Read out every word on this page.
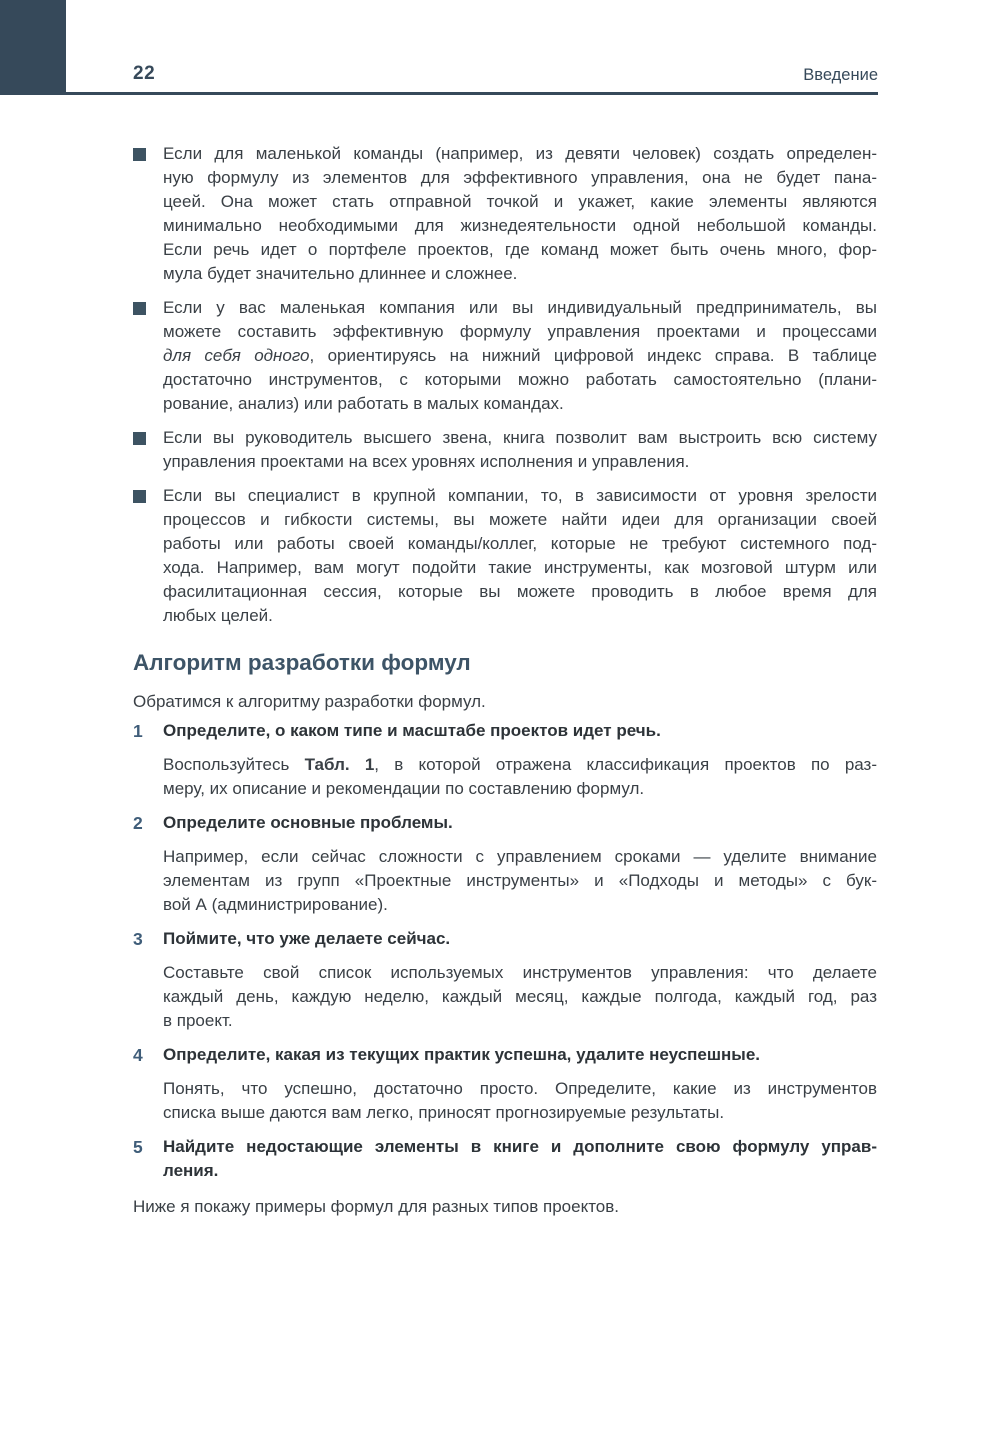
22	Введение
Если для маленькой команды (например, из девяти человек) создать определен-
ную формулу из элементов для эффективного управления, она не будет пана-
цеей. Она может стать отправной точкой и укажет, какие элементы являются
минимально необходимыми для жизнедеятельности одной небольшой команды.
Если речь идет о портфеле проектов, где команд может быть очень много, фор-
мула будет значительно длиннее и сложнее.
Если у вас маленькая компания или вы индивидуальный предприниматель, вы
можете составить эффективную формулу управления проектами и процессами
для себя одного, ориентируясь на нижний цифровой индекс справа. В таблице
достаточно инструментов, с которыми можно работать самостоятельно (плани-
рование, анализ) или работать в малых командах.
Если вы руководитель высшего звена, книга позволит вам выстроить всю систему
управления проектами на всех уровнях исполнения и управления.
Если вы специалист в крупной компании, то, в зависимости от уровня зрелости
процессов и гибкости системы, вы можете найти идеи для организации своей
работы или работы своей команды/коллег, которые не требуют системного под-
хода. Например, вам могут подойти такие инструменты, как мозговой штурм или
фасилитационная сессия, которые вы можете проводить в любое время для
любых целей.
Алгоритм разработки формул
Обратимся к алгоритму разработки формул.
1	Определите, о каком типе и масштабе проектов идет речь.
Воспользуйтесь Табл. 1, в которой отражена классификация проектов по раз-
меру, их описание и рекомендации по составлению формул.
2	Определите основные проблемы.
Например, если сейчас сложности с управлением сроками — уделите внимание
элементам из групп «Проектные инструменты» и «Подходы и методы» с бук-
вой А (администрирование).
3	Поймите, что уже делаете сейчас.
Составьте свой список используемых инструментов управления: что делаете
каждый день, каждую неделю, каждый месяц, каждые полгода, каждый год, раз
в проект.
4	Определите, какая из текущих практик успешна, удалите неуспешные.
Понять, что успешно, достаточно просто. Определите, какие из инструментов
списка выше даются вам легко, приносят прогнозируемые результаты.
5	Найдите недостающие элементы в книге и дополните свою формулу управ-
ления.
Ниже я покажу примеры формул для разных типов проектов.
